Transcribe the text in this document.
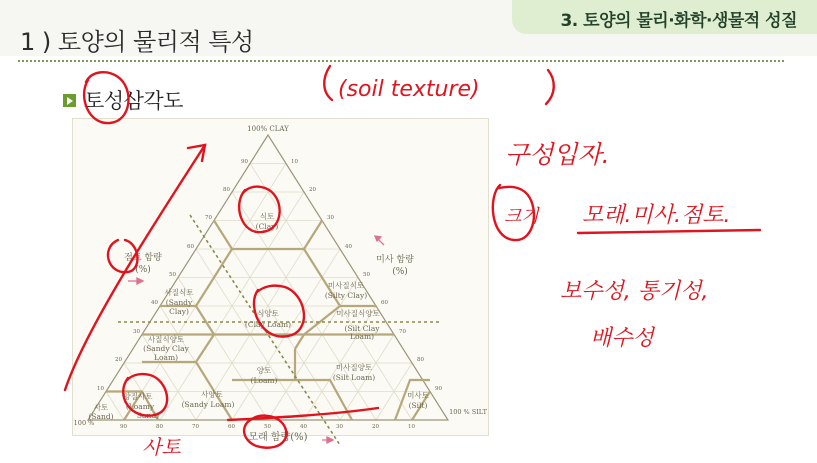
3. 토양의 물리·화학·생물적 성질
1 ) 토양의 물리적 특성
토성삼각도
100% CLAY
100 % SILT
100 %
점토 함량
(%)
미사 함량
(%)
모래 함량(%)
90
80
70
60
50
40
30
20
10
10
20
30
40
50
60
70
80
90
90	80	70	60	50	40	30	20	10
식토
(Clay)
미사질식토
(Silty Clay)
사질식토
(Sandy
Clay)	식양토
(Clay Loam)
미사질식양토
(Silt Clay
Loam)
사질식양토
(Sandy Clay
Loam)
양토
(Loam)
미사질양토
(Silt Loam)
사양토
(Sandy Loam)
양질사토
(Loamy
Sand)
사토
(Sand)
미사토
(Silt)
(soil texture)
구성입자.
크기 모래.미사.점토.
보수성, 통기성,
배수성
사토
